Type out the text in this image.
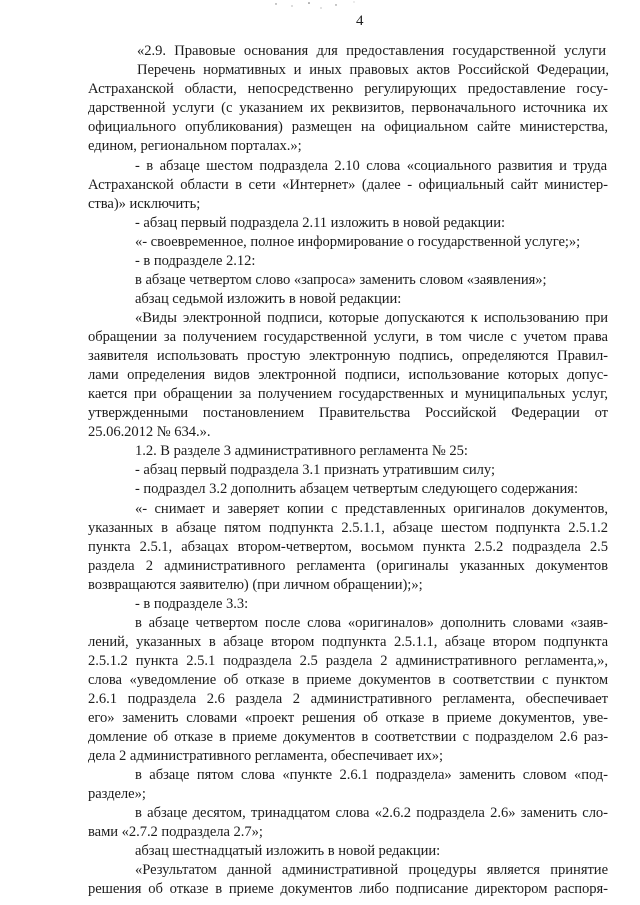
4
«2.9. Правовые основания для предоставления государственной услуги
Перечень нормативных и иных правовых актов Российской Федерации,
Астраханской области, непосредственно регулирующих предоставление госу-
дарственной услуги (с указанием их реквизитов, первоначального источника их
официального опубликования) размещен на официальном сайте министерства,
едином, региональном порталах.»;
- в абзаце шестом подраздела 2.10 слова «социального развития и труда
Астраханской области в сети «Интернет» (далее - официальный сайт министер-
ства)» исключить;
- абзац первый подраздела 2.11 изложить в новой редакции:
«- своевременное, полное информирование о государственной услуге;»;
- в подразделе 2.12:
в абзаце четвертом слово «запроса» заменить словом «заявления»;
абзац седьмой изложить в новой редакции:
«Виды электронной подписи, которые допускаются к использованию при
обращении за получением государственной услуги, в том числе с учетом права
заявителя использовать простую электронную подпись, определяются Правил-
лами определения видов электронной подписи, использование которых допус-
кается при обращении за получением государственных и муниципальных услуг,
утвержденными постановлением Правительства Российской Федерации от
25.06.2012 № 634.».
1.2. В разделе 3 административного регламента № 25:
- абзац первый подраздела 3.1 признать утратившим силу;
- подраздел 3.2 дополнить абзацем четвертым следующего содержания:
«- снимает и заверяет копии с представленных оригиналов документов,
указанных в абзаце пятом подпункта 2.5.1.1, абзаце шестом подпункта 2.5.1.2
пункта 2.5.1, абзацах втором-четвертом, восьмом пункта 2.5.2 подраздела 2.5
раздела 2 административного регламента (оригиналы указанных документов
возвращаются заявителю) (при личном обращении);»;
- в подразделе 3.3:
в абзаце четвертом после слова «оригиналов» дополнить словами «заяв-
лений, указанных в абзаце втором подпункта 2.5.1.1, абзаце втором подпункта
2.5.1.2 пункта 2.5.1 подраздела 2.5 раздела 2 административного регламента,»,
слова «уведомление об отказе в приеме документов в соответствии с пунктом
2.6.1 подраздела 2.6 раздела 2 административного регламента, обеспечивает
его» заменить словами «проект решения об отказе в приеме документов, уве-
домление об отказе в приеме документов в соответствии с подразделом 2.6 раз-
дела 2 административного регламента, обеспечивает их»;
в абзаце пятом слова «пункте 2.6.1 подраздела» заменить словом «под-
разделе»;
в абзаце десятом, тринадцатом слова «2.6.2 подраздела 2.6» заменить сло-
вами «2.7.2 подраздела 2.7»;
абзац шестнадцатый изложить в новой редакции:
«Результатом данной административной процедуры является принятие
решения об отказе в приеме документов либо подписание директором распоря-
